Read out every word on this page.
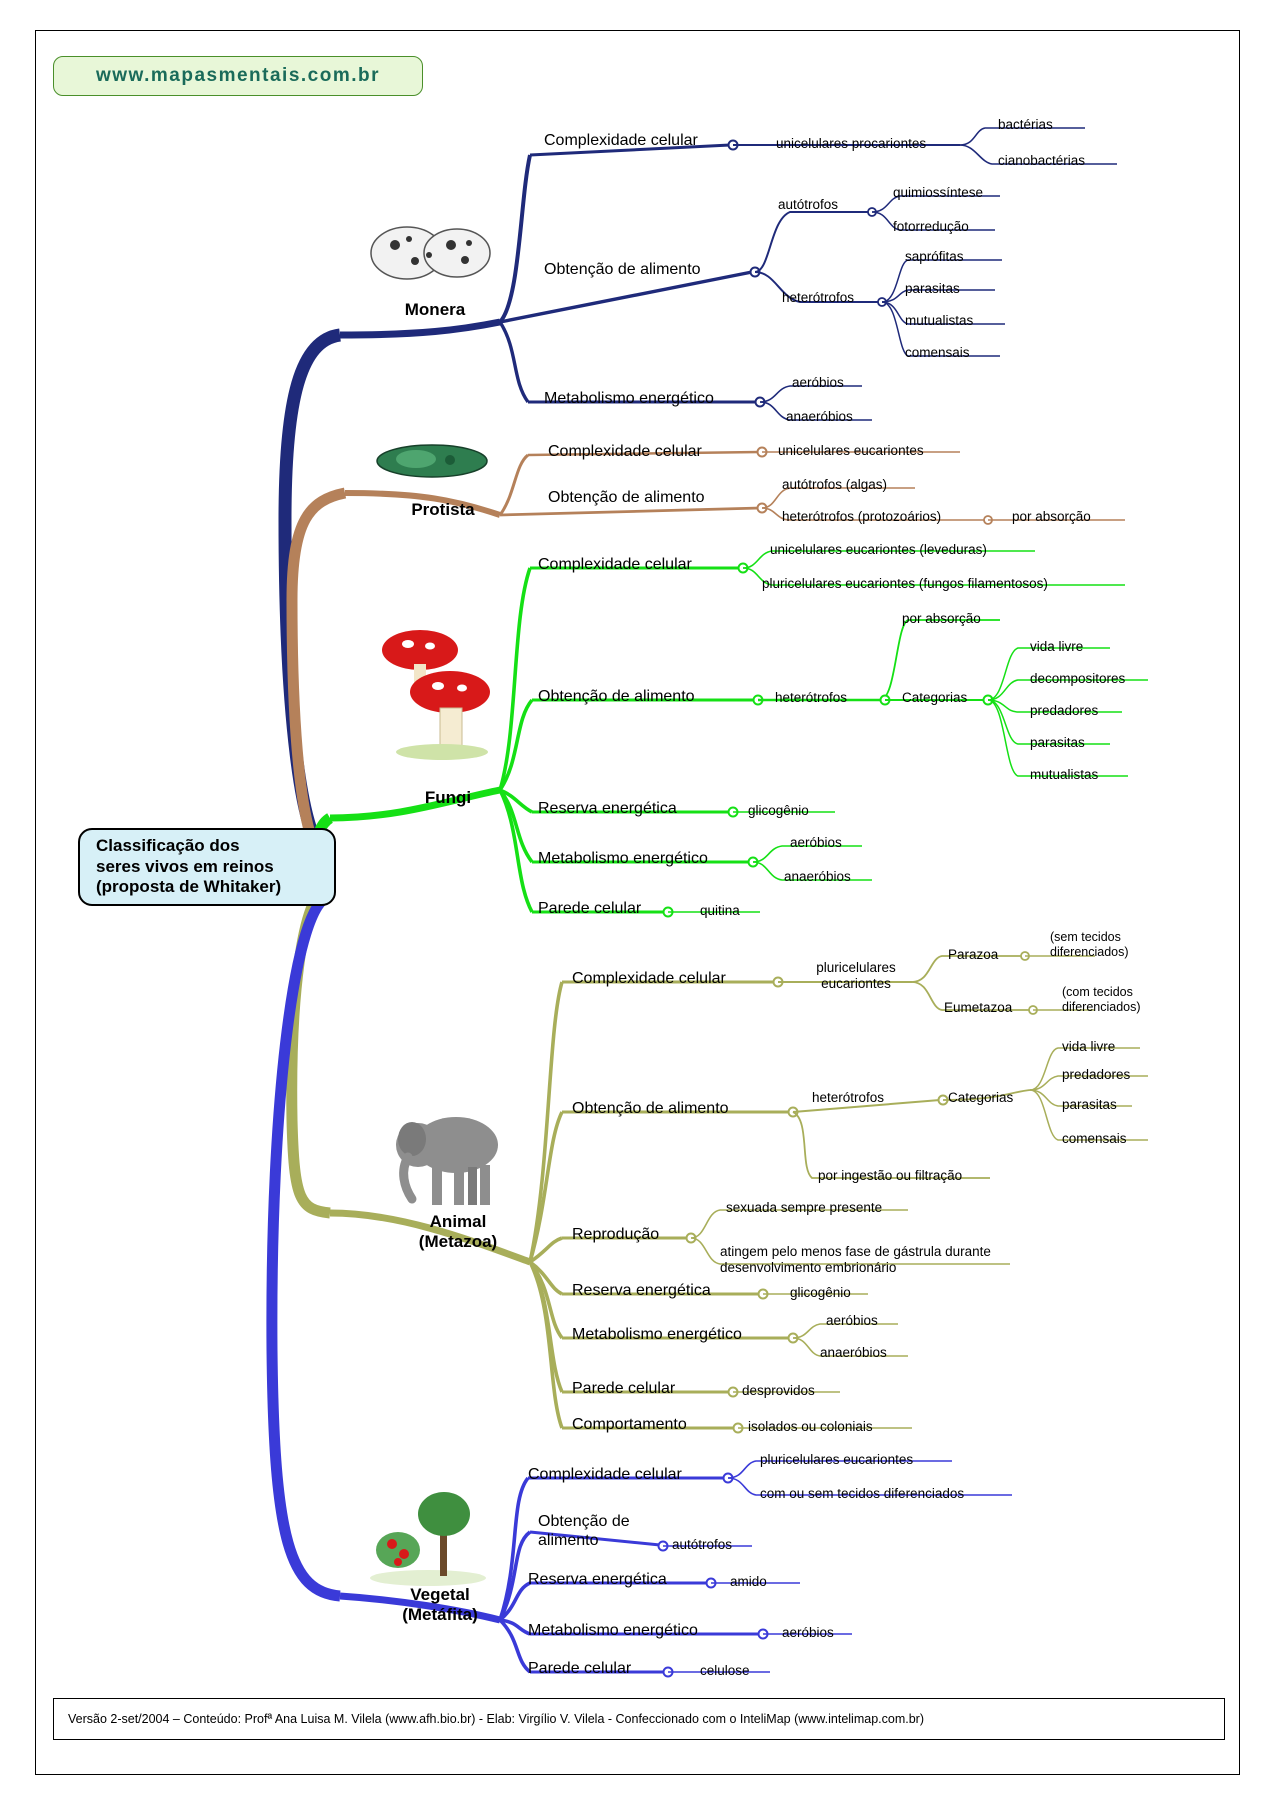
www.mapasmentais.com.br
Classificação dos
seres vivos em reinos
(proposta de Whitaker)
Monera
Complexidade celular	unicelulares procariontes
bactérias
cianobactérias
Obtenção de alimento
autótrofos
quimiossíntese
fotorredução
heterótrofos
saprófitas
parasitas
mutualistas
comensais
Metabolismo energético
aeróbios
anaeróbios
Protista
Complexidade celular	unicelulares eucariontes
Obtenção de alimento
autótrofos (algas)
heterótrofos (protozoários)	por absorção
Fungi
Complexidade celular
unicelulares eucariontes (leveduras)
pluricelulares eucariontes (fungos filamentosos)
Obtenção de alimento	heterótrofos
por absorção
Categorias
vida livre
decompositores
predadores
parasitas
mutualistas
Reserva energética	glicogênio
Metabolismo energético
aeróbios
anaeróbios
Parede celular	quitina
Animal
(Metazoa)
Complexidade celular
pluricelulares eucariontes
Parazoa
(sem tecidos diferenciados)
Eumetazoa
(com tecidos diferenciados)
Obtenção de alimento
heterótrofos	Categorias
vida livre
predadores
parasitas
comensais
por ingestão ou filtração
Reprodução
sexuada sempre presente
atingem pelo menos fase de gástrula durante desenvolvimento embrionário
Reserva energética	glicogênio
Metabolismo energético
aeróbios
anaeróbios
Parede celular	desprovidos
Comportamento	isolados ou coloniais
Vegetal
(Metáfita)
Complexidade celular
pluricelulares eucariontes
com ou sem tecidos diferenciados
Obtenção de alimento	autótrofos
Reserva energética	amido
Metabolismo energético	aeróbios
Parede celular	celulose
Versão 2-set/2004 – Conteúdo: Profª Ana Luisa M. Vilela (www.afh.bio.br) - Elab: Virgílio V. Vilela - Confeccionado com o InteliMap (www.intelimap.com.br)
